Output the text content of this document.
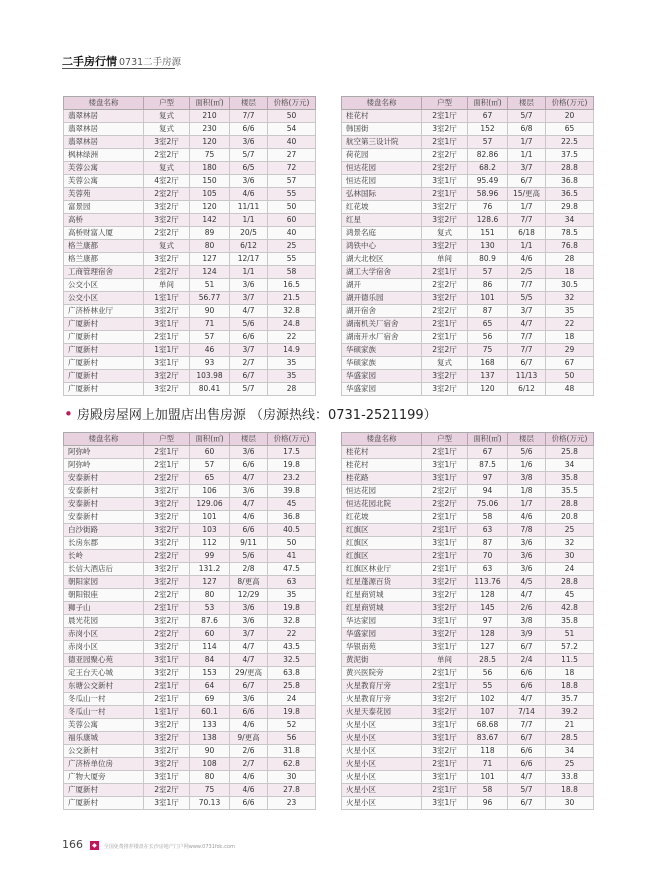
二手房行情 0731二手房源
楼盘名称	户型	面积(㎡)	楼层	价格(万元)
翡翠林居	复式	210	7/7	50
翡翠林居	复式	230	6/6	54
翡翠林居	3室2厅	120	3/6	40
枫林绿洲	2室2厅	75	5/7	27
芙蓉公寓	复式	180	6/5	72
芙蓉公寓	4室2厅	150	3/6	57
芙蓉苑	2室2厅	105	4/6	55
富景园	3室2厅	120	11/11	50
高桥	3室2厅	142	1/1	60
高桥财富人厦	2室2厅	89	20/5	40
格兰康都	复式	80	6/12	25
格兰康都	3室2厅	127	12/17	55
工商管理宿舍	2室2厅	124	1/1	58
公交小区	单间	51	3/6	16.5
公交小区	1室1厅	56.77	3/7	21.5
广济桥林业厅	3室2厅	90	4/7	32.8
广厦新村	3室1厅	71	5/6	24.8
广厦新村	2室1厅	57	6/6	22
广厦新村	1室1厅	46	3/7	14.9
广厦新村	3室1厅	93	2/7	35
广厦新村	3室2厅	103.98	6/7	35
广厦新村	3室2厅	80.41	5/7	28
楼盘名称	户型	面积(㎡)	楼层	价格(万元)
桂花村	2室1厅	67	5/7	20
韩国街	3室2厅	152	6/8	65
航空第三设计院	2室1厅	57	1/7	22.5
荷花园	2室2厅	82.86	1/1	37.5
恒达花园	2室2厅	68.2	3/7	28.8
恒达花园	3室1厅	95.49	6/7	36.8
弘林国际	2室1厅	58.96	15/更高	36.5
红花坡	3室2厅	76	1/7	29.8
红星	3室2厅	128.6	7/7	34
鸿景名庭	复式	151	6/18	78.5
鸿铁中心	3室2厅	130	1/1	76.8
湖大北校区	单间	80.9	4/6	28
湖工大学宿舍	2室1厅	57	2/5	18
湖开	2室2厅	86	7/7	30.5
湖开德乐园	3室2厅	101	5/5	32
湖开宿舍	2室2厅	87	3/7	35
湖南机关厂宿舍	2室1厅	65	4/7	22
湖南开水厂宿舍	2室1厅	56	7/7	18
华硕家族	2室2厅	75	7/7	29
华硕家族	复式	168	6/7	67
华盛家园	3室2厅	137	11/13	50
华盛家园	3室2厅	120	6/12	48
• 房殿房屋网上加盟店出售房源 （房源热线：0731-2521199）
楼盘名称	户型	面积(㎡)	楼层	价格(万元)
阿弥岭	2室1厅	60	3/6	17.5
阿弥岭	2室1厅	57	6/6	19.8
安泰新村	2室2厅	65	4/7	23.2
安泰新村	3室2厅	106	3/6	39.8
安泰新村	3室2厅	129.06	4/7	45
安泰新村	3室2厅	101	4/6	36.8
白沙街路	3室2厅	103	6/6	40.5
长房东郡	3室2厅	112	9/11	50
长岭	2室2厅	99	5/6	41
长信大酒店后	3室2厅	131.2	2/8	47.5
朝阳家园	3室2厅	127	8/更高	63
朝阳银座	2室2厅	80	12/29	35
狮子山	2室1厅	53	3/6	19.8
晨光花园	3室2厅	87.6	3/6	32.8
赤岗小区	2室2厅	60	3/7	22
赤岗小区	3室2厅	114	4/7	43.5
德亚园聚心苑	3室1厅	84	4/7	32.5
定王台天心城	3室2厅	153	29/更高	63.8
东塘公交新村	2室1厅	64	6/7	25.8
冬瓜山一村	2室1厅	69	3/6	24
冬瓜山一村	1室1厅	60.1	6/6	19.8
芙蓉公寓	3室2厅	133	4/6	52
福乐康城	3室2厅	138	9/更高	56
公交新村	3室2厅	90	2/6	31.8
广济桥单位房	3室2厅	108	2/7	62.8
广物大厦旁	3室1厅	80	4/6	30
广厦新村	2室2厅	75	4/6	27.8
广厦新村	3室1厅	70.13	6/6	23
楼盘名称	户型	面积(㎡)	楼层	价格(万元)
桂花村	2室1厅	67	5/6	25.8
桂花村	3室1厅	87.5	1/6	34
桂花路	3室1厅	97	3/8	35.8
恒达花园	2室2厅	94	1/8	35.5
恒达花园北院	2室2厅	75.06	1/7	28.8
红花坡	2室1厅	58	4/6	20.8
红旗区	2室1厅	63	7/8	25
红旗区	3室1厅	87	3/6	32
红旗区	2室1厅	70	3/6	30
红旗区林业厅	2室1厅	63	3/6	24
红星蓬源百货	3室2厅	113.76	4/5	28.8
红星商贸城	3室2厅	128	4/7	45
红星商贸城	3室2厅	145	2/6	42.8
华达家园	3室1厅	97	3/8	35.8
华盛家园	3室2厅	128	3/9	51
华银南苑	3室1厅	127	6/7	57.2
黄泥街	单间	28.5	2/4	11.5
黄兴医院旁	2室1厅	56	6/6	18
火星教育厅旁	2室1厅	55	6/6	18.8
火星教育厅旁	3室2厅	102	4/7	35.7
火星天泰花园	3室2厅	107	7/14	39.2
火星小区	3室1厅	68.68	7/7	21
火星小区	3室1厅	83.67	6/7	28.5
火星小区	3室2厅	118	6/6	34
火星小区	2室1厅	71	6/6	25
火星小区	3室1厅	101	4/7	33.8
火星小区	2室1厅	58	5/7	18.8
火星小区	3室1厅	96	6/7	30
166 ◆ 全国免费推荐楼盘在长沙房地产门户网www.0731fdc.com
